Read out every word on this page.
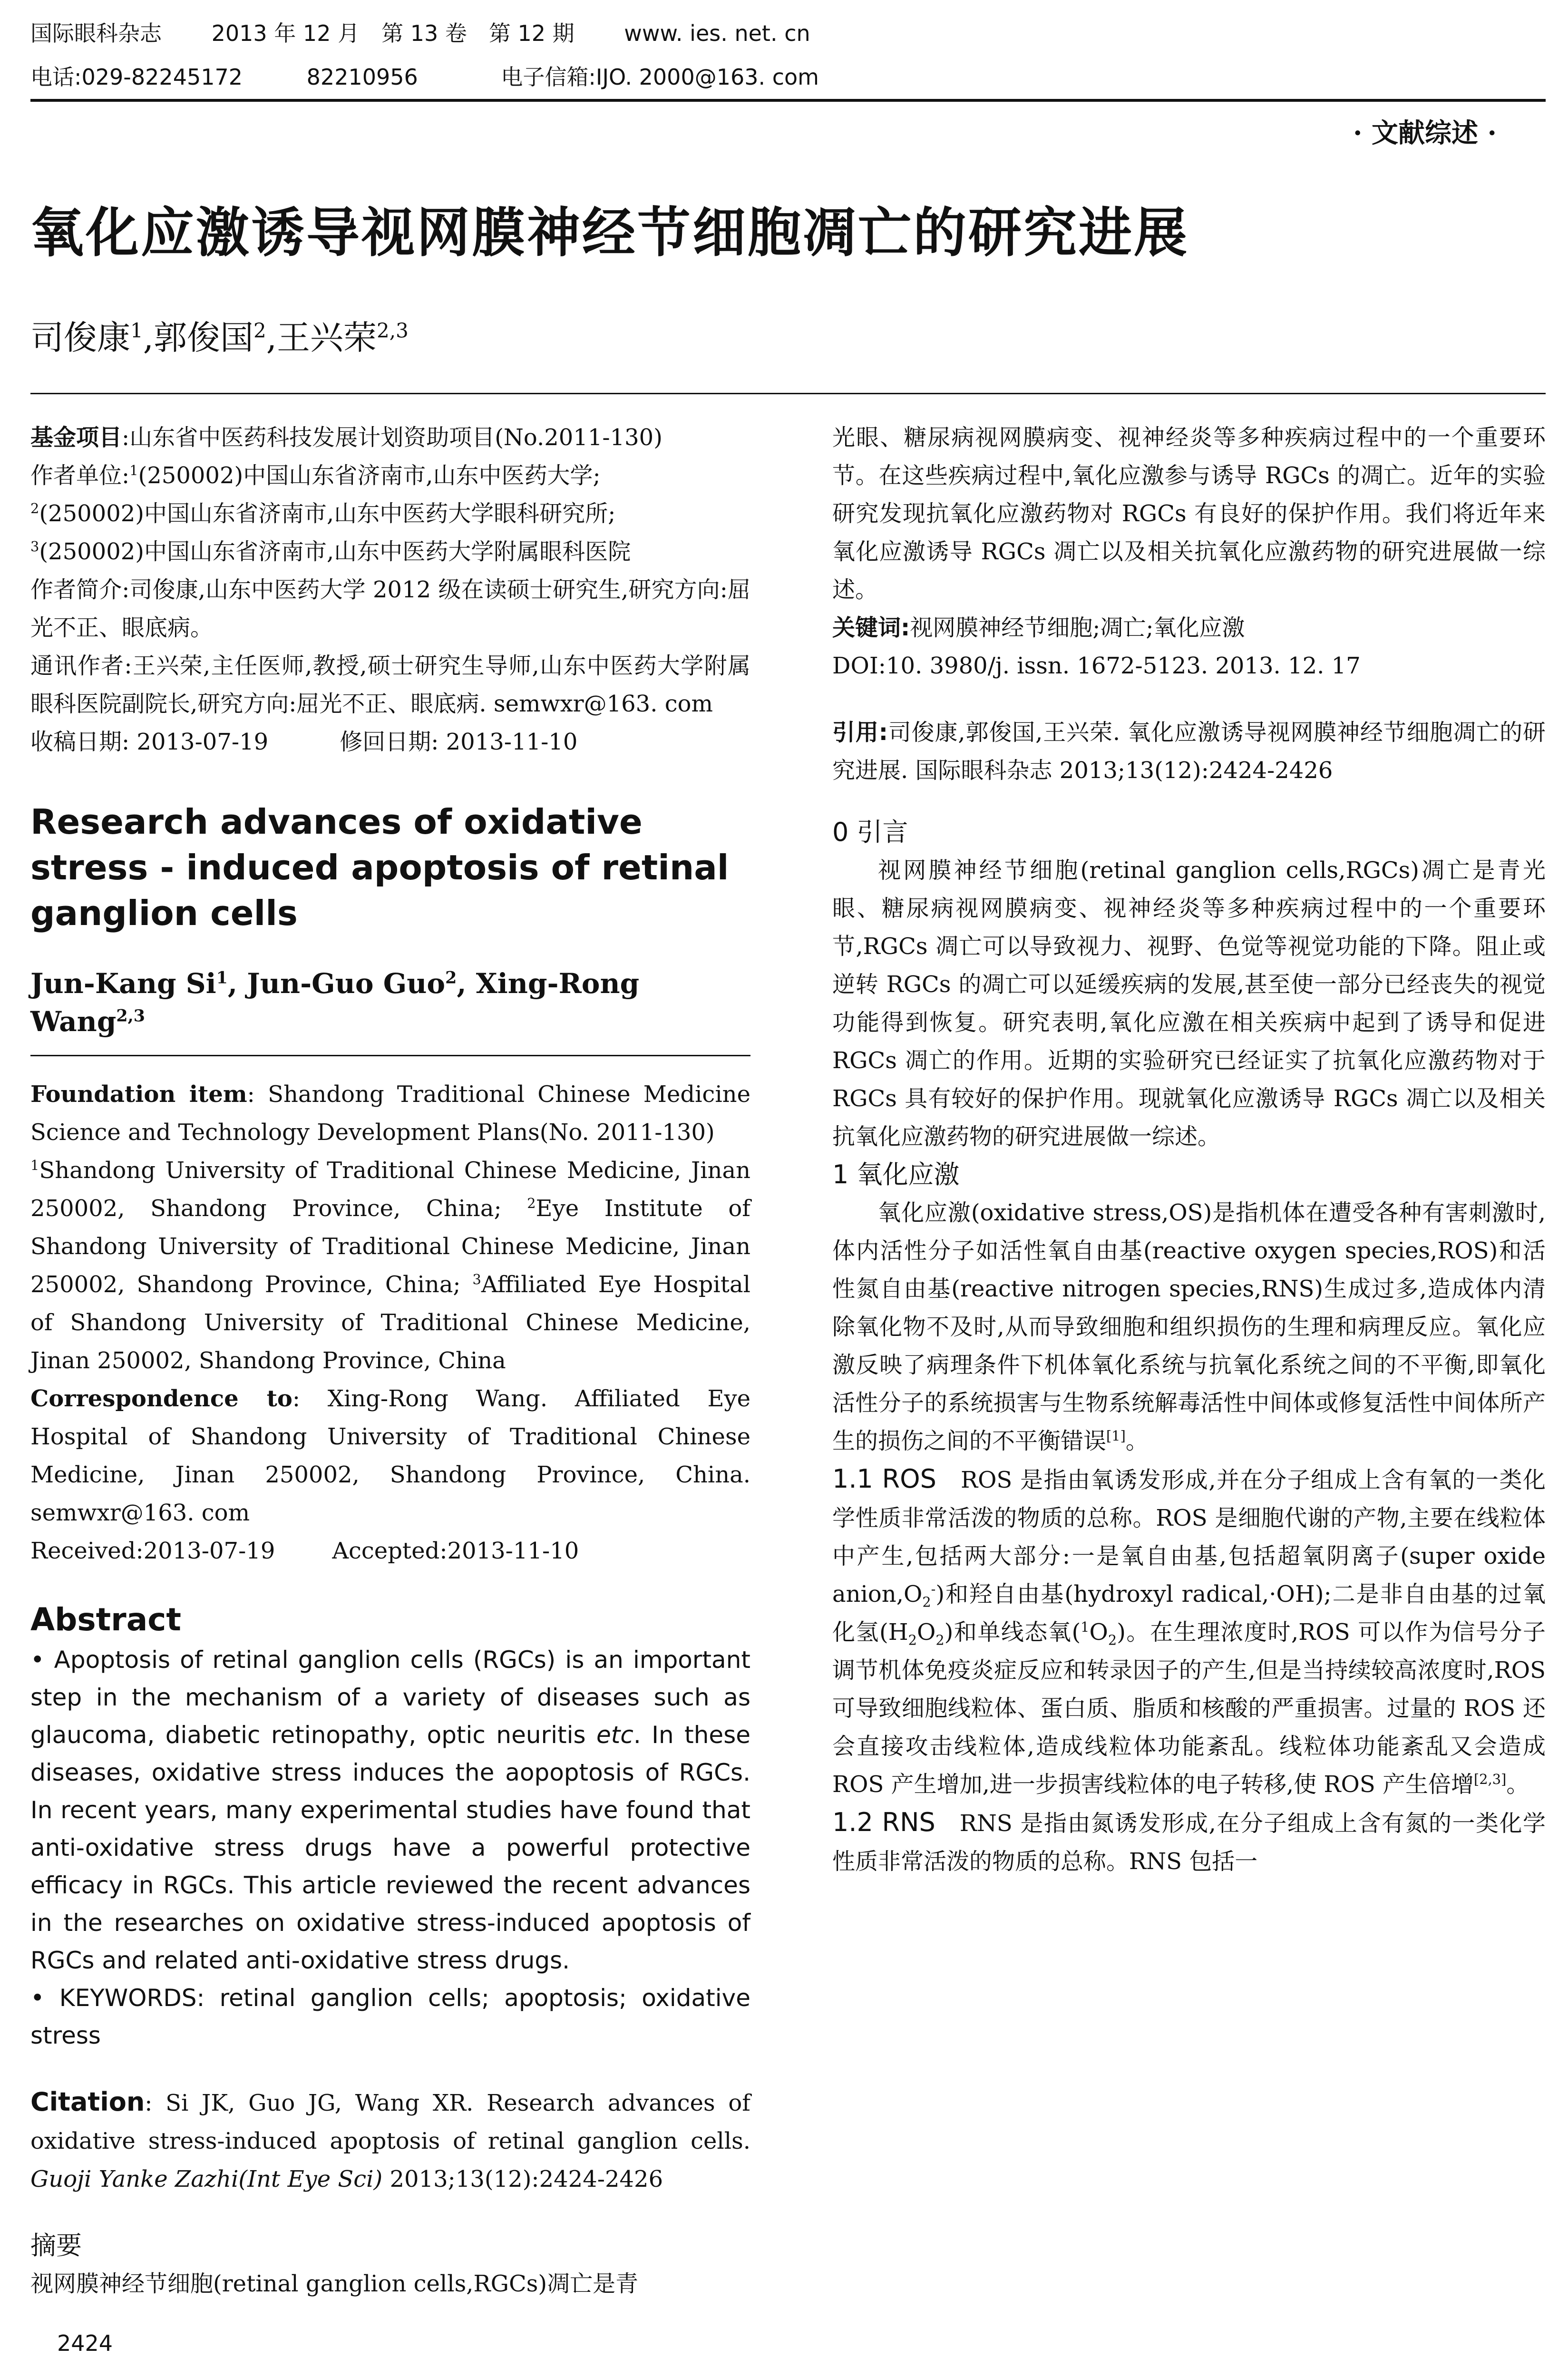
国际眼科杂志 2013 年 12 月　第 13 卷　第 12 期 www. ies. net. cn
电话:029-82245172	82210956	电子信箱:IJO. 2000@163. com
· 文献综述 ·
氧化应激诱导视网膜神经节细胞凋亡的研究进展
司俊康$^1$,郭俊国$^2$,王兴荣$^{2,3}$

基金项目:山东省中医药科技发展计划资助项目(No.2011-130)

作者单位:$^1$(250002)中国山东省济南市,山东中医药大学;
$^2$(250002)中国山东省济南市,山东中医药大学眼科研究所;
$^3$(250002)中国山东省济南市,山东中医药大学附属眼科医院

作者简介:司俊康,山东中医药大学 2012 级在读硕士研究生,研究方向:屈光不正、眼底病。

通讯作者:王兴荣,主任医师,教授,硕士研究生导师,山东中医药大学附属眼科医院副院长,研究方向:屈光不正、眼底病. semwxr@163. com

收稿日期: 2013-07-19	修回日期: 2013-11-10

Research advances of oxidative stress - induced apoptosis of retinal ganglion cells

Jun-Kang Si$^1$, Jun-Guo Guo$^2$, Xing-Rong Wang$^{2,3}$

Foundation item: Shandong Traditional Chinese Medicine Science and Technology Development Plans(No. 2011-130)

$^1$Shandong University of Traditional Chinese Medicine, Jinan 250002, Shandong Province, China; $^2$Eye Institute of Shandong University of Traditional Chinese Medicine, Jinan 250002, Shandong Province, China; $^3$Affiliated Eye Hospital of Shandong University of Traditional Chinese Medicine, Jinan 250002, Shandong Province, China

Correspondence to: Xing-Rong Wang. Affiliated Eye Hospital of Shandong University of Traditional Chinese Medicine, Jinan 250002, Shandong Province, China. semwxr@163. com

Received:2013-07-19	Accepted:2013-11-10

Abstract

• Apoptosis of retinal ganglion cells (RGCs) is an important step in the mechanism of a variety of diseases such as glaucoma, diabetic retinopathy, optic neuritis etc. In these diseases, oxidative stress induces the aopoptosis of RGCs. In recent years, many experimental studies have found that anti-oxidative stress drugs have a powerful protective efficacy in RGCs. This article reviewed the recent advances in the researches on oxidative stress-induced apoptosis of RGCs and related anti-oxidative stress drugs.

• KEYWORDS: retinal ganglion cells; apoptosis; oxidative stress

Citation: Si JK, Guo JG, Wang XR. Research advances of oxidative stress-induced apoptosis of retinal ganglion cells. Guoji Yanke Zazhi(Int Eye Sci) 2013;13(12):2424-2426

摘要

视网膜神经节细胞(retinal ganglion cells,RGCs)凋亡是青

2424

光眼、糖尿病视网膜病变、视神经炎等多种疾病过程中的一个重要环节。在这些疾病过程中,氧化应激参与诱导 RGCs 的凋亡。近年的实验研究发现抗氧化应激药物对 RGCs 有良好的保护作用。我们将近年来氧化应激诱导 RGCs 凋亡以及相关抗氧化应激药物的研究进展做一综述。

关键词:视网膜神经节细胞;凋亡;氧化应激

DOI:10. 3980/j. issn. 1672-5123. 2013. 12. 17

引用:司俊康,郭俊国,王兴荣. 氧化应激诱导视网膜神经节细胞凋亡的研究进展. 国际眼科杂志 2013;13(12):2424-2426

0 引言

视网膜神经节细胞(retinal ganglion cells,RGCs)凋亡是青光眼、糖尿病视网膜病变、视神经炎等多种疾病过程中的一个重要环节,RGCs 凋亡可以导致视力、视野、色觉等视觉功能的下降。阻止或逆转 RGCs 的凋亡可以延缓疾病的发展,甚至使一部分已经丧失的视觉功能得到恢复。研究表明,氧化应激在相关疾病中起到了诱导和促进 RGCs 凋亡的作用。近期的实验研究已经证实了抗氧化应激药物对于 RGCs 具有较好的保护作用。现就氧化应激诱导 RGCs 凋亡以及相关抗氧化应激药物的研究进展做一综述。

1 氧化应激

氧化应激(oxidative stress,OS)是指机体在遭受各种有害刺激时,体内活性分子如活性氧自由基(reactive oxygen species,ROS)和活性氮自由基(reactive nitrogen species,RNS)生成过多,造成体内清除氧化物不及时,从而导致细胞和组织损伤的生理和病理反应。氧化应激反映了病理条件下机体氧化系统与抗氧化系统之间的不平衡,即氧化活性分子的系统损害与生物系统解毒活性中间体或修复活性中间体所产生的损伤之间的不平衡错误[1]。

1.1 ROS　 ROS 是指由氧诱发形成,并在分子组成上含有氧的一类化学性质非常活泼的物质的总称。ROS 是细胞代谢的产物,主要在线粒体中产生,包括两大部分:一是氧自由基,包括超氧阴离子(super oxide $anion,O_2^-$)和羟自由基(hydroxyl radical,·OH);二是非自由基的过氧化氢$(H_2O_2)$和单线态氧$(^1O_2)$。在生理浓度时,ROS 可以作为信号分子调节机体免疫炎症反应和转录因子的产生,但是当持续较高浓度时,ROS 可导致细胞线粒体、蛋白质、脂质和核酸的严重损害。过量的 ROS 还会直接攻击线粒体,造成线粒体功能紊乱。线粒体功能紊乱又会造成 ROS 产生增加,进一步损害线粒体的电子转移,使 ROS 产生倍增[2,3]。

1.2 RNS　 RNS 是指由氮诱发形成,在分子组成上含有氮的一类化学性质非常活泼的物质的总称。RNS 包括一
